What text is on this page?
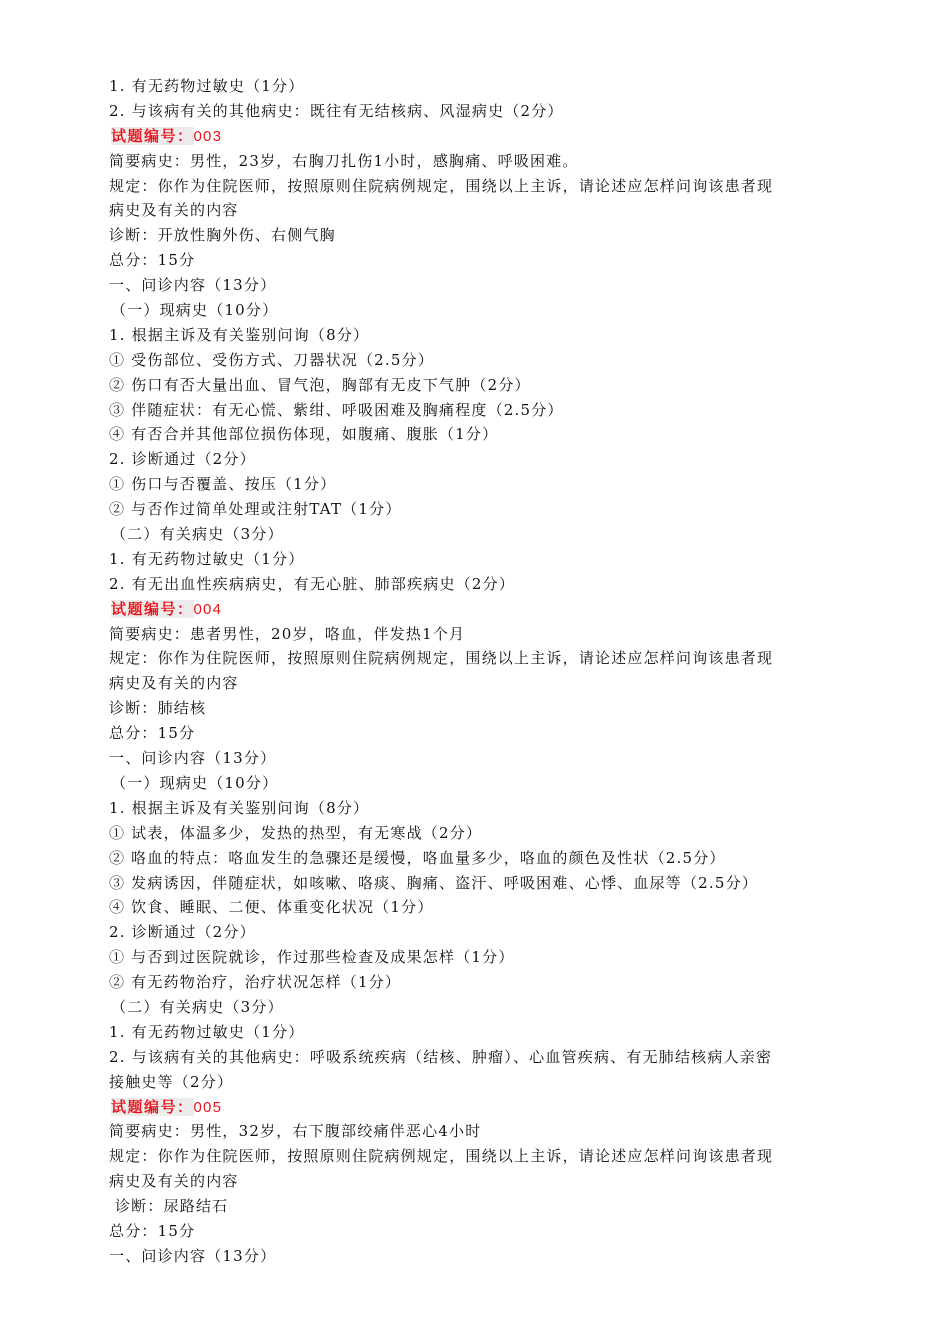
1. 有无药物过敏史（1分）
2. 与该病有关的其他病史：既往有无结核病、风湿病史（2分）
试题编号：003
简要病史：男性，23岁，右胸刀扎伤1小时，感胸痛、呼吸困难。
规定：你作为住院医师，按照原则住院病例规定，围绕以上主诉，请论述应怎样问询该患者现
病史及有关的内容
诊断：开放性胸外伤、右侧气胸
总分：15分
一、问诊内容（13分）
（一）现病史（10分）
1. 根据主诉及有关鉴别问询（8分）
① 受伤部位、受伤方式、刀器状况（2.5分）
② 伤口有否大量出血、冒气泡，胸部有无皮下气肿（2分）
③ 伴随症状：有无心慌、紫绀、呼吸困难及胸痛程度（2.5分）
④ 有否合并其他部位损伤体现，如腹痛、腹胀（1分）
2. 诊断通过（2分）
① 伤口与否覆盖、按压（1分）
② 与否作过简单处理或注射TAT（1分）
（二）有关病史（3分）
1. 有无药物过敏史（1分）
2. 有无出血性疾病病史，有无心脏、肺部疾病史（2分）
试题编号：004
简要病史：患者男性，20岁，咯血，伴发热1个月
规定：你作为住院医师，按照原则住院病例规定，围绕以上主诉，请论述应怎样问询该患者现
病史及有关的内容
诊断：肺结核
总分：15分
一、问诊内容（13分）
（一）现病史（10分）
1. 根据主诉及有关鉴别问询（8分）
① 试表，体温多少，发热的热型，有无寒战（2分）
② 咯血的特点：咯血发生的急骤还是缓慢，咯血量多少，咯血的颜色及性状（2.5分）
③ 发病诱因，伴随症状，如咳嗽、咯痰、胸痛、盗汗、呼吸困难、心悸、血尿等（2.5分）
④ 饮食、睡眠、二便、体重变化状况（1分）
2. 诊断通过（2分）
① 与否到过医院就诊，作过那些检查及成果怎样（1分）
② 有无药物治疗，治疗状况怎样（1分）
（二）有关病史（3分）
1. 有无药物过敏史（1分）
2. 与该病有关的其他病史：呼吸系统疾病（结核、肿瘤）、心血管疾病、有无肺结核病人亲密
接触史等（2分）
试题编号：005
简要病史：男性，32岁，右下腹部绞痛伴恶心4小时
规定：你作为住院医师，按照原则住院病例规定，围绕以上主诉，请论述应怎样问询该患者现
病史及有关的内容
诊断：尿路结石
总分：15分
一、问诊内容（13分）
